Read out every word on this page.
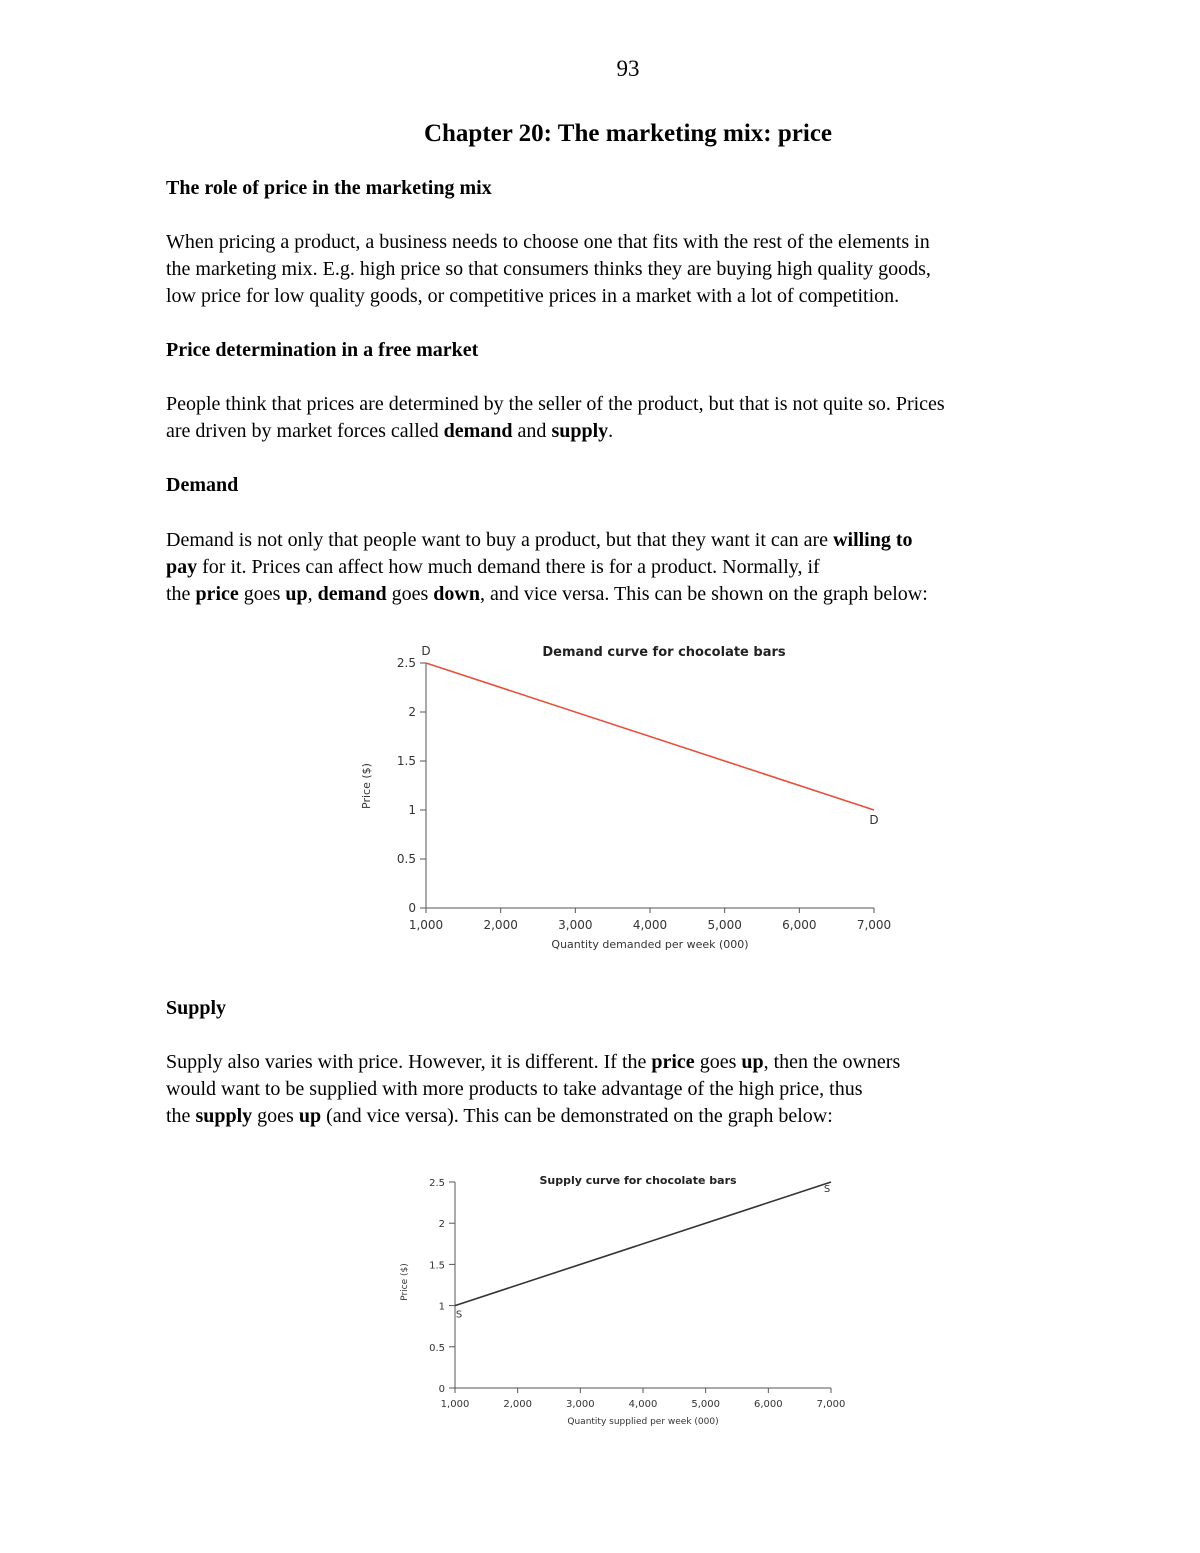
93
Chapter 20: The marketing mix: price
The role of price in the marketing mix

When pricing a product, a business needs to choose one that fits with the rest of the elements in
the marketing mix. E.g. high price so that consumers thinks they are buying high quality goods,
low price for low quality goods, or competitive prices in a market with a lot of competition.

Price determination in a free market

People think that prices are determined by the seller of the product, but that is not quite so. Prices
are driven by market forces called demand and supply.

Demand

Demand is not only that people want to buy a product, but that they want it can are willing to
pay for it. Prices can affect how much demand there is for a product. Normally, if
the price goes up, demand goes down, and vice versa. This can be shown on the graph below:

0
0.5
1
1.5
2
2.5
1,000	2,000	3,000	4,000	5,000	6,000	7,000
Demand curve for chocolate bars
Quantity demanded per week (000)
Price ($)
D
D
Supply

Supply also varies with price. However, it is different. If the price goes up, then the owners
would want to be supplied with more products to take advantage of the high price, thus
the supply goes up (and vice versa). This can be demonstrated on the graph below:

0
0.5
1
1.5
2
2.5
1,000	2,000	3,000	4,000	5,000	6,000	7,000
Supply curve for chocolate bars
Quantity supplied per week (000)
Price ($)
S
S
